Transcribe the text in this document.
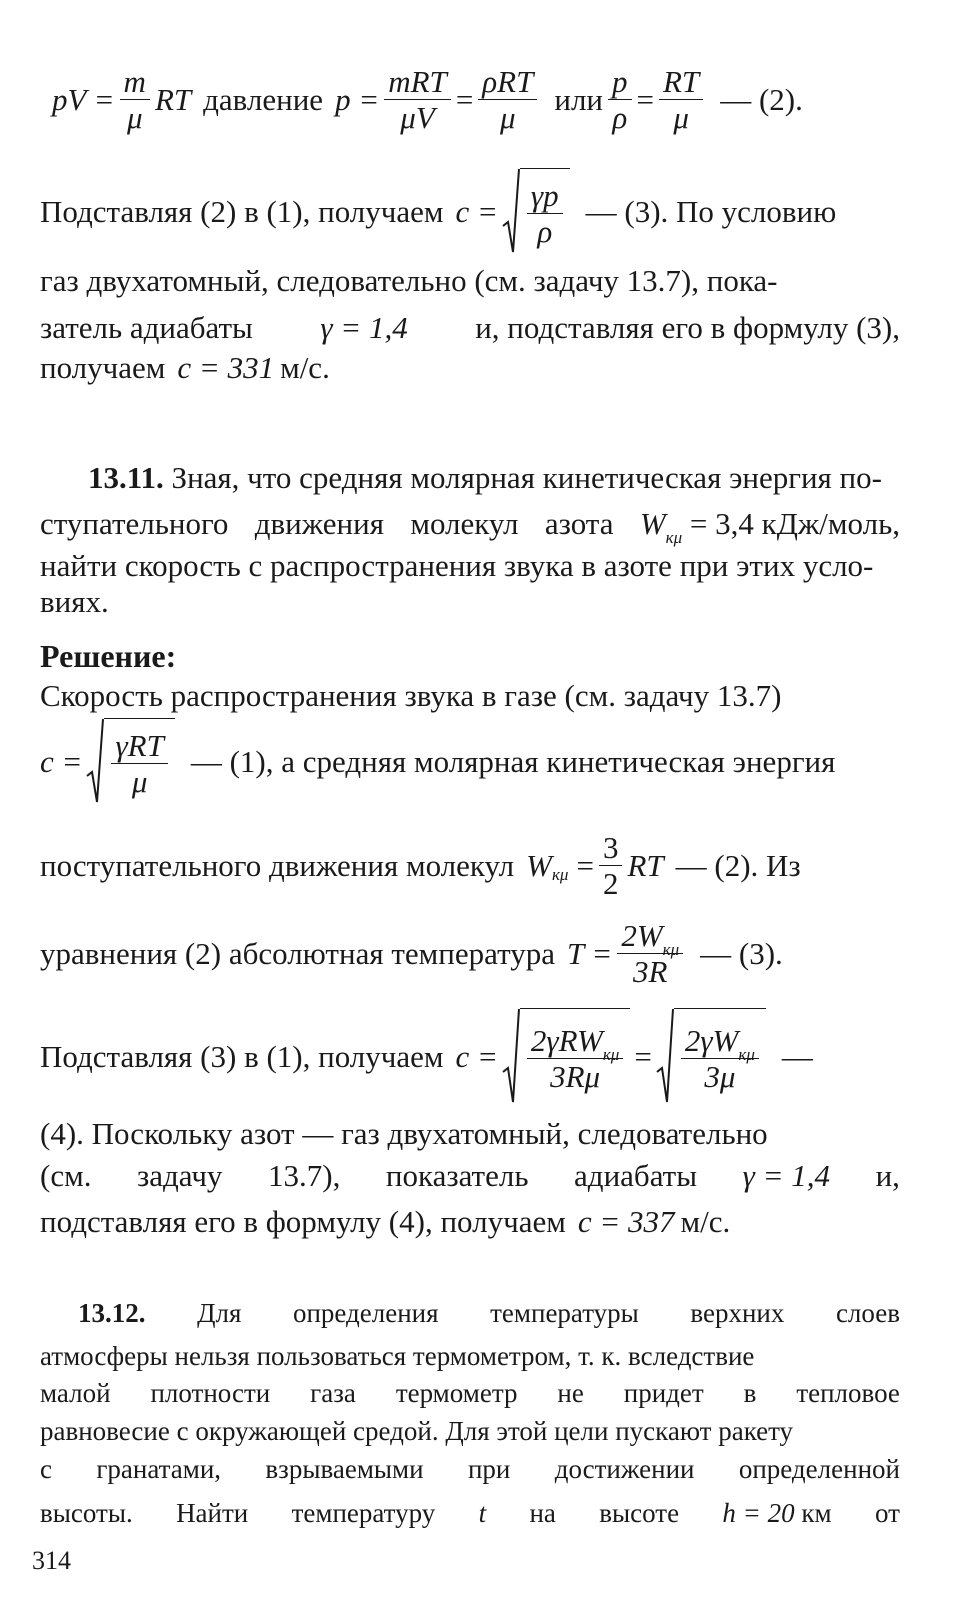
pV = $\frac{m}{\mu}$ RT давление $p = \frac{\text{mRT}}{\mu V} = \frac{\text{ρRT}}{\mu}$ или $\frac{p}{\rho} = \frac{RT}{\mu}$ — (2).
Подставляя (2) в (1), получаем $c = \frac{\gamma p}{\rho}$ — (3). По условию
газ двухатомный, следовательно (см. задачу 13.7), пока-
затель адиабаты γ = 1,4 и, подставляя его в формулу (3),
получаем c = 331 м/с.
13.11. Зная, что средняя молярная кинетическая энергия по-
ступательного движения молекул азота $W_{к\mu} = 3,4$ кДж/моль,
найти скорость c распространения звука в азоте при этих усло-
виях.
Решение:
Скорость распространения звука в газе (см. задачу 13.7)
$c = \frac{\text{γRT}}{\mu}$ — (1), а средняя молярная кинетическая энергия
поступательного движения молекул W $к\mu = \frac{3}{2}$ RT — (2). Из
уравнения (2) абсолютная температура $T = \frac{2W_{к\mu}}{3R}$ — (3).
Подставляя (3) в (1), получаем $c = \frac{2\gamma RW_{к\mu}}{3R\mu} = \frac{2\gamma W_{к\mu}}{3\mu}$ —
(4). Поскольку азот — газ двухатомный, следовательно
(см. задачу 13.7), показатель адиабаты γ = 1,4 и,
подставляя его в формулу (4), получаем c = 337 м/с.
13.12. Для определения температуры верхних слоев
атмосферы нельзя пользоваться термометром, т. к. вследствие
малой плотности газа термометр не придет в тепловое
равновесие с окружающей средой. Для этой цели пускают ракету
с гранатами, взрываемыми при достижении определенной
высоты. Найти температуру t на высоте h = 20 км от
314
